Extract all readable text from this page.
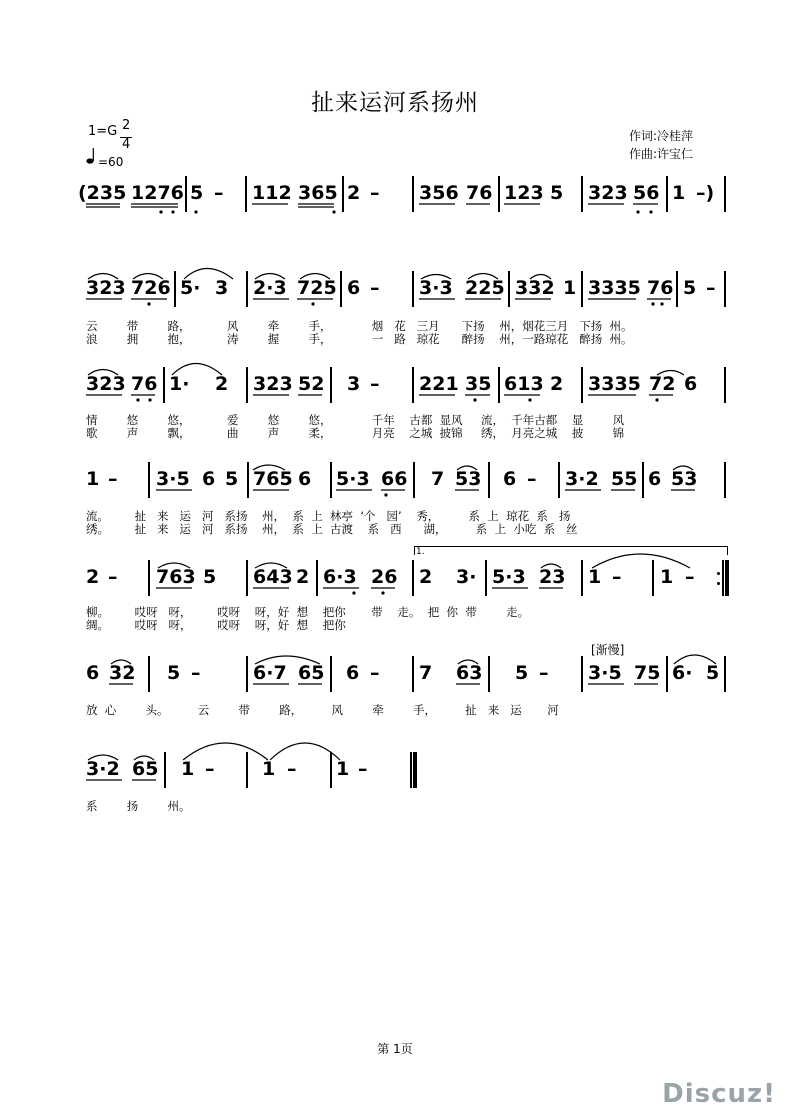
扯来运河系扬州
1=G 2
4
=60
作词:冷桂萍
作曲:许宝仁
(235 1276 5 – 112 365 2 – 356 76 123 5 323 56 1 –)
323 726 5· 3 2·3 725 6 – 3·3 225 332 1 3335 76 5 –
云        带        路，          风        牵        手，           烟   花   三月      下扬    州，烟花三月   下扬  州。
浪        拥        抱，          涛        握        手，           一   路   琼花      醉扬    州，一路琼花   醉扬  州。
323 76 1· 2 323 52 3 – 221 35 613 2 3335 72 6
情        悠        悠，          爱        悠        悠，           千年    古都  显风     流，  千年古都    显        风
歌        声        飘，          曲        声        柔，           月亮    之城  披锦     绣，  月亮之城    披        锦
1 – 3·5 6 5 765 6 5·3 66 7 53 6 – 3·2 55 6 53
流。       扯   来   运   河   系扬    州，  系  上  林亭  ‘个   园’    秀，        系  上  琼花  系   扬
绣。       扯   来   运   河   系扬    州，  系  上  古渡    系   西      湖，        系  上  小吃  系   丝
1.
2 – 763 5 643 2 6·3 26 2 3· 5·3 23 1 – 1 –
柳。       哎呀   呀，       哎呀    呀，好  想    把你       带    走。  把  你  带        走。
绸。       哎呀   呀，       哎呀    呀，好  想    把你
[渐慢]
6 32 5 –	6·7 65 6 – 7 63 5 – 3·5 75 6· 5
放  心        头。        云        带        路，        风        牵        手，        扯   来   运       河
3·2 65 1 –	1 – 1 –
系        扬        州。
第 1页
Discuz!
